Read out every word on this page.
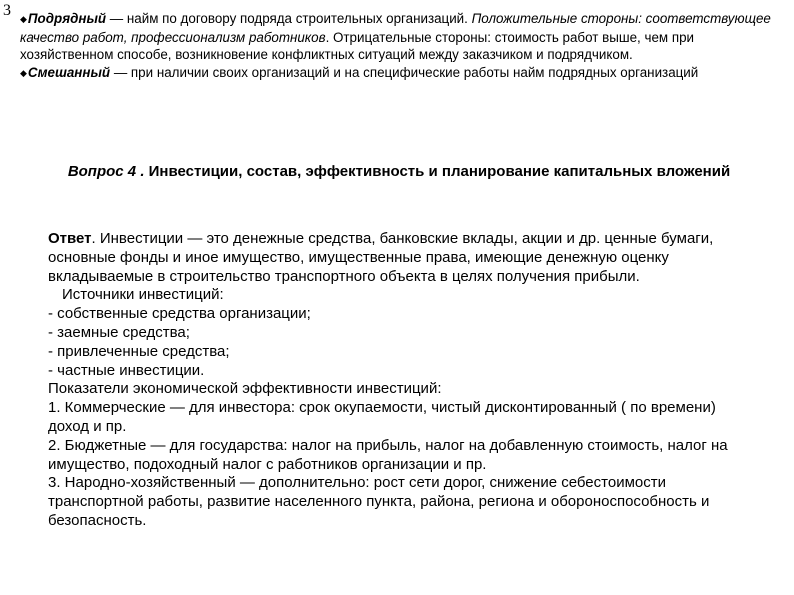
3 ◆Подрядный — найм по договору подряда строительных организаций. Положительные стороны: соответствующее качество работ, профессионализм работников. Отрицательные стороны: стоимость работ выше, чем при хозяйственном способе, возникновение конфликтных ситуаций между заказчиком и подрядчиком.

◆Смешанный — при наличии своих организаций и на специфические работы найм подрядных организаций

Вопрос 4 . Инвестиции, состав, эффективность и планирование капитальных вложений

Ответ. Инвестиции — это денежные средства, банковские вклады, акции и др. ценные бумаги, основные фонды и иное имущество, имущественные права, имеющие денежную оценку вкладываемые в строительство транспортного объекта в целях получения прибыли.

Источники инвестиций:

- собственные средства организации;

- заемные средства;

- привлеченные средства;

- частные инвестиции.

Показатели экономической эффективности инвестиций:

1. Коммерческие — для инвестора: срок окупаемости, чистый дисконтированный ( по времени) доход и пр.

2. Бюджетные — для государства: налог на прибыль, налог на добавленную стоимость, налог на имущество, подоходный налог с работников организации и пр.

3. Народно-хозяйственный — дополнительно: рост сети дорог, снижение себестоимости транспортной работы, развитие населенного пункта, района, региона и обороноспособность и безопасность.
